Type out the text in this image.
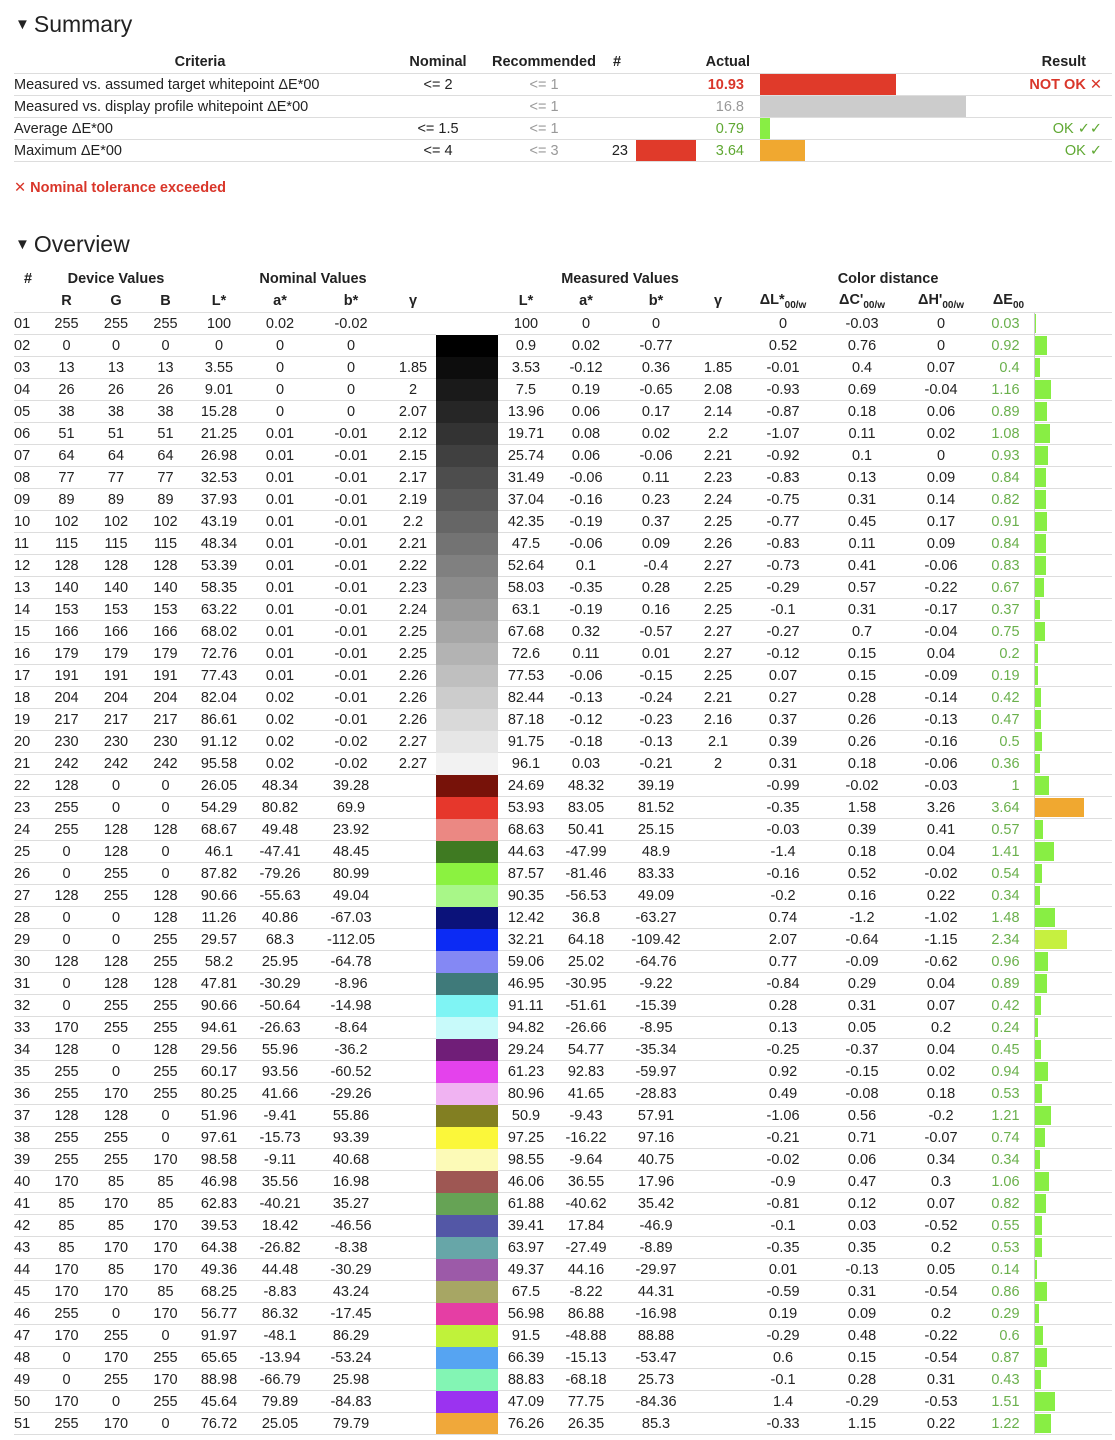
▼ Summary
Criteria	Nominal	Recommended	#	Actual		Result
Measured vs. assumed target whitepoint ΔE*00	<= 2	<= 1		10.93		NOT OK ✕
Measured vs. display profile whitepoint ΔE*00		<= 1		16.8	

Average ΔE*00	<= 1.5	<= 1		0.79		OK ✓✓
Maximum ΔE*00	<= 4	<= 3	23	3.64		OK ✓
✕ Nominal tolerance exceeded
▼ Overview
#	Device Values			Nominal Values					Measured Values				Color distance				
	R	G	B	L*	a*	b*	γ		L*	a*	b*	γ	$\Delta L*_{00/w}$	$\Delta C'_{00/w}$	$\Delta H'_{00/w}$	$\Delta E_{00}$	
01	255	255	255	100	0.02	-0.02			100	0	0		0	-0.03	0	0.03	
02	0	0	0	0	0	0			0.9	0.02	-0.77		0.52	0.76	0	0.92	
03	13	13	13	3.55	0	0	1.85		3.53	-0.12	0.36	1.85	-0.01	0.4	0.07	0.4	
04	26	26	26	9.01	0	0	2		7.5	0.19	-0.65	2.08	-0.93	0.69	-0.04	1.16	
05	38	38	38	15.28	0	0	2.07		13.96	0.06	0.17	2.14	-0.87	0.18	0.06	0.89	
06	51	51	51	21.25	0.01	-0.01	2.12		19.71	0.08	0.02	2.2	-1.07	0.11	0.02	1.08	
07	64	64	64	26.98	0.01	-0.01	2.15		25.74	0.06	-0.06	2.21	-0.92	0.1	0	0.93	
08	77	77	77	32.53	0.01	-0.01	2.17		31.49	-0.06	0.11	2.23	-0.83	0.13	0.09	0.84	
09	89	89	89	37.93	0.01	-0.01	2.19		37.04	-0.16	0.23	2.24	-0.75	0.31	0.14	0.82	
10	102	102	102	43.19	0.01	-0.01	2.2		42.35	-0.19	0.37	2.25	-0.77	0.45	0.17	0.91	
11	115	115	115	48.34	0.01	-0.01	2.21		47.5	-0.06	0.09	2.26	-0.83	0.11	0.09	0.84	
12	128	128	128	53.39	0.01	-0.01	2.22		52.64	0.1	-0.4	2.27	-0.73	0.41	-0.06	0.83	
13	140	140	140	58.35	0.01	-0.01	2.23		58.03	-0.35	0.28	2.25	-0.29	0.57	-0.22	0.67	
14	153	153	153	63.22	0.01	-0.01	2.24		63.1	-0.19	0.16	2.25	-0.1	0.31	-0.17	0.37	
15	166	166	166	68.02	0.01	-0.01	2.25		67.68	0.32	-0.57	2.27	-0.27	0.7	-0.04	0.75	
16	179	179	179	72.76	0.01	-0.01	2.25		72.6	0.11	0.01	2.27	-0.12	0.15	0.04	0.2	
17	191	191	191	77.43	0.01	-0.01	2.26		77.53	-0.06	-0.15	2.25	0.07	0.15	-0.09	0.19	
18	204	204	204	82.04	0.02	-0.01	2.26		82.44	-0.13	-0.24	2.21	0.27	0.28	-0.14	0.42	
19	217	217	217	86.61	0.02	-0.01	2.26		87.18	-0.12	-0.23	2.16	0.37	0.26	-0.13	0.47	
20	230	230	230	91.12	0.02	-0.02	2.27		91.75	-0.18	-0.13	2.1	0.39	0.26	-0.16	0.5	
21	242	242	242	95.58	0.02	-0.02	2.27		96.1	0.03	-0.21	2	0.31	0.18	-0.06	0.36	
22	128	0	0	26.05	48.34	39.28			24.69	48.32	39.19		-0.99	-0.02	-0.03	1	
23	255	0	0	54.29	80.82	69.9			53.93	83.05	81.52		-0.35	1.58	3.26	3.64	
24	255	128	128	68.67	49.48	23.92			68.63	50.41	25.15		-0.03	0.39	0.41	0.57	
25	0	128	0	46.1	-47.41	48.45			44.63	-47.99	48.9		-1.4	0.18	0.04	1.41	
26	0	255	0	87.82	-79.26	80.99			87.57	-81.46	83.33		-0.16	0.52	-0.02	0.54	
27	128	255	128	90.66	-55.63	49.04			90.35	-56.53	49.09		-0.2	0.16	0.22	0.34	
28	0	0	128	11.26	40.86	-67.03			12.42	36.8	-63.27		0.74	-1.2	-1.02	1.48	
29	0	0	255	29.57	68.3	-112.05			32.21	64.18	-109.42		2.07	-0.64	-1.15	2.34	
30	128	128	255	58.2	25.95	-64.78			59.06	25.02	-64.76		0.77	-0.09	-0.62	0.96	
31	0	128	128	47.81	-30.29	-8.96			46.95	-30.95	-9.22		-0.84	0.29	0.04	0.89	
32	0	255	255	90.66	-50.64	-14.98			91.11	-51.61	-15.39		0.28	0.31	0.07	0.42	
33	170	255	255	94.61	-26.63	-8.64			94.82	-26.66	-8.95		0.13	0.05	0.2	0.24	
34	128	0	128	29.56	55.96	-36.2			29.24	54.77	-35.34		-0.25	-0.37	0.04	0.45	
35	255	0	255	60.17	93.56	-60.52			61.23	92.83	-59.97		0.92	-0.15	0.02	0.94	
36	255	170	255	80.25	41.66	-29.26			80.96	41.65	-28.83		0.49	-0.08	0.18	0.53	
37	128	128	0	51.96	-9.41	55.86			50.9	-9.43	57.91		-1.06	0.56	-0.2	1.21	
38	255	255	0	97.61	-15.73	93.39			97.25	-16.22	97.16		-0.21	0.71	-0.07	0.74	
39	255	255	170	98.58	-9.11	40.68			98.55	-9.64	40.75		-0.02	0.06	0.34	0.34	
40	170	85	85	46.98	35.56	16.98			46.06	36.55	17.96		-0.9	0.47	0.3	1.06	
41	85	170	85	62.83	-40.21	35.27			61.88	-40.62	35.42		-0.81	0.12	0.07	0.82	
42	85	85	170	39.53	18.42	-46.56			39.41	17.84	-46.9		-0.1	0.03	-0.52	0.55	
43	85	170	170	64.38	-26.82	-8.38			63.97	-27.49	-8.89		-0.35	0.35	0.2	0.53	
44	170	85	170	49.36	44.48	-30.29			49.37	44.16	-29.97		0.01	-0.13	0.05	0.14	
45	170	170	85	68.25	-8.83	43.24			67.5	-8.22	44.31		-0.59	0.31	-0.54	0.86	
46	255	0	170	56.77	86.32	-17.45			56.98	86.88	-16.98		0.19	0.09	0.2	0.29	
47	170	255	0	91.97	-48.1	86.29			91.5	-48.88	88.88		-0.29	0.48	-0.22	0.6	
48	0	170	255	65.65	-13.94	-53.24			66.39	-15.13	-53.47		0.6	0.15	-0.54	0.87	
49	0	255	170	88.98	-66.79	25.98			88.83	-68.18	25.73		-0.1	0.28	0.31	0.43	
50	170	0	255	45.64	79.89	-84.83			47.09	77.75	-84.36		1.4	-0.29	-0.53	1.51	
51	255	170	0	76.72	25.05	79.79			76.26	26.35	85.3		-0.33	1.15	0.22	1.22	
